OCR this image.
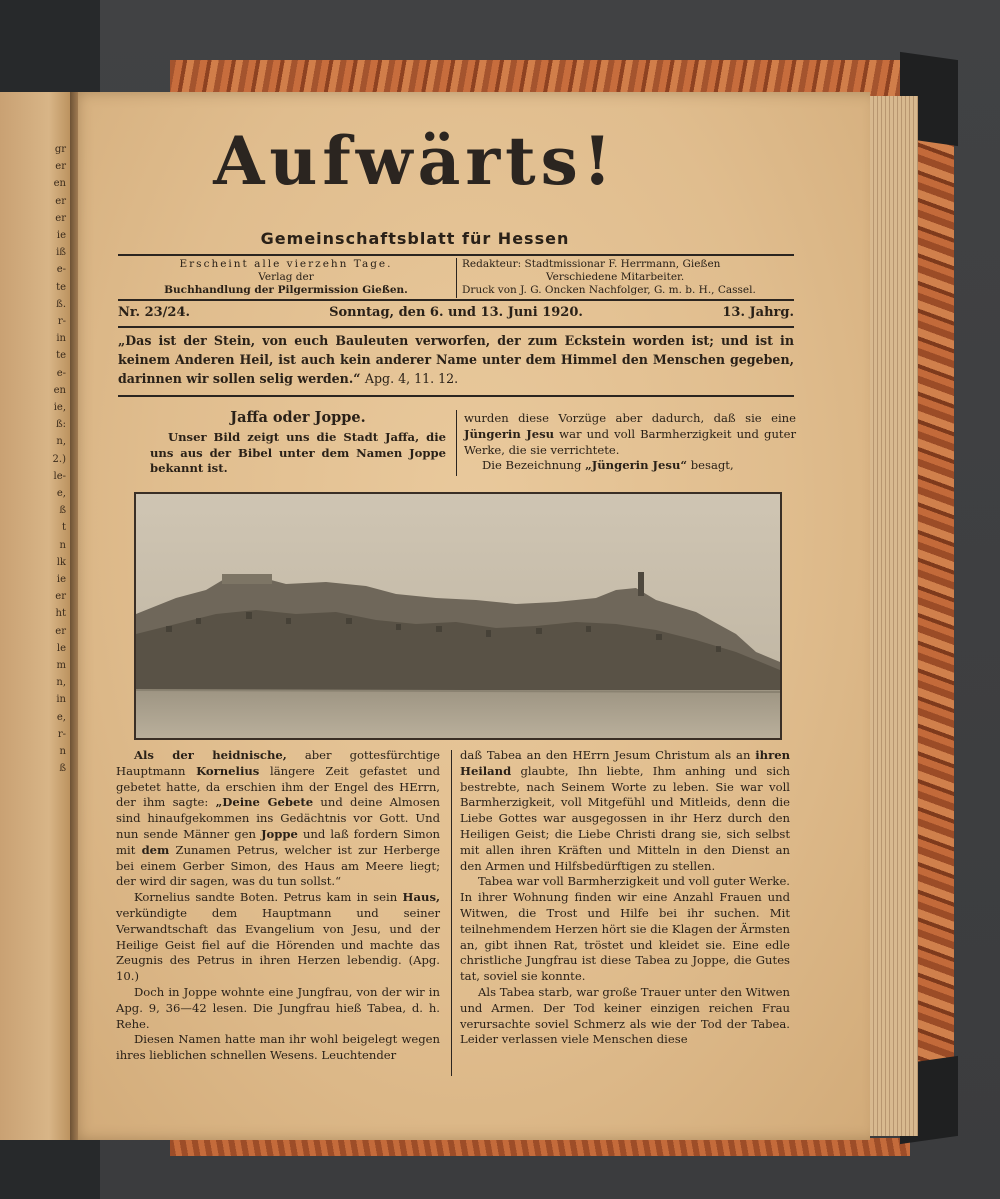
gr
er
en
er
er
ie
iß
e-
te
ß.
r-
in
te
e-
en
ie,
ß:
n,
2.)
le-
e,
ß
t
n
lk
ie
er
ht
er
le
m
n,
in
e,
r-
n
ß
Aufwärts!
Gemeinschaftsblatt für Hessen
Erscheint alle vierzehn Tage.
Verlag der
Buchhandlung der Pilgermission Gießen.
Redakteur: Stadtmissionar F. Herrmann, Gießen
Verschiedene Mitarbeiter.
Druck von J. G. Oncken Nachfolger, G. m. b. H., Cassel.
Nr. 23/24.	Sonntag, den 6. und 13. Juni 1920.	13. Jahrg.
„Das ist der Stein, von euch Bauleuten verworfen, der zum Eckstein worden ist; und ist in keinem Anderen Heil, ist auch kein anderer Name unter dem Himmel den Menschen gegeben, darinnen wir sollen selig werden.“ Apg. 4, 11. 12.

Jaffa oder Joppe.

Unser Bild zeigt uns die Stadt Jaffa, die uns aus der Bibel unter dem Namen Joppe bekannt ist.

wurden diese Vorzüge aber dadurch, daß sie eine Jüngerin Jesu war und voll Barmherzigkeit und guter Werke, die sie verrichtete.

Die Bezeichnung „Jüngerin Jesu“ besagt,

Als der heidnische, aber gottesfürchtige Hauptmann Kornelius längere Zeit gefastet und gebetet hatte, da erschien ihm der Engel des HErrn, der ihm sagte: „Deine Gebete und deine Almosen sind hinaufgekommen ins Gedächtnis vor Gott. Und nun sende Männer gen Joppe und laß fordern Simon mit dem Zunamen Petrus, welcher ist zur Herberge bei einem Gerber Simon, des Haus am Meere liegt; der wird dir sagen, was du tun sollst.“

Kornelius sandte Boten. Petrus kam in sein Haus, verkündigte dem Hauptmann und seiner Verwandtschaft das Evangelium von Jesu, und der Heilige Geist fiel auf die Hörenden und machte das Zeugnis des Petrus in ihren Herzen lebendig. (Apg. 10.)

Doch in Joppe wohnte eine Jungfrau, von der wir in Apg. 9, 36—42 lesen. Die Jungfrau hieß Tabea, d. h. Rehe.

Diesen Namen hatte man ihr wohl beigelegt wegen ihres lieblichen schnellen Wesens. Leuchtender

daß Tabea an den HErrn Jesum Christum als an ihren Heiland glaubte, Ihn liebte, Ihm anhing und sich bestrebte, nach Seinem Worte zu leben. Sie war voll Barmherzigkeit, voll Mitgefühl und Mitleids, denn die Liebe Gottes war ausgegossen in ihr Herz durch den Heiligen Geist; die Liebe Christi drang sie, sich selbst mit allen ihren Kräften und Mitteln in den Dienst an den Armen und Hilfsbedürftigen zu stellen.

Tabea war voll Barmherzigkeit und voll guter Werke. In ihrer Wohnung finden wir eine Anzahl Frauen und Witwen, die Trost und Hilfe bei ihr suchen. Mit teilnehmendem Herzen hört sie die Klagen der Ärmsten an, gibt ihnen Rat, tröstet und kleidet sie. Eine edle christliche Jungfrau ist diese Tabea zu Joppe, die Gutes tat, soviel sie konnte.

Als Tabea starb, war große Trauer unter den Witwen und Armen. Der Tod keiner einzigen reichen Frau verursachte soviel Schmerz als wie der Tod der Tabea. Leider verlassen viele Menschen diese
